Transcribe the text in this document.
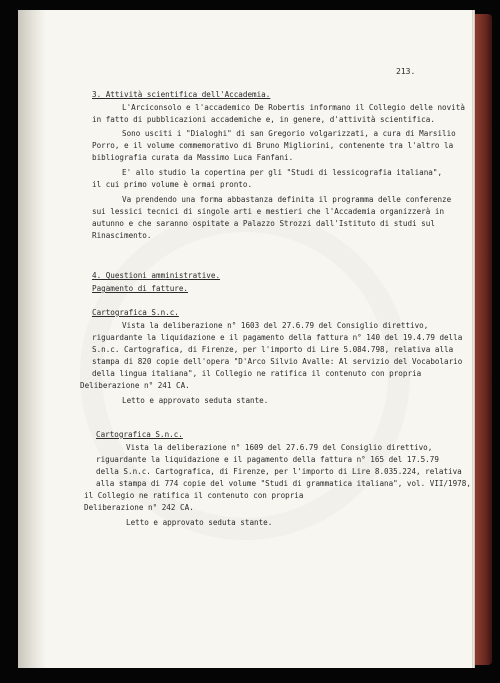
213.
3. Attività scientifica dell'Accademia.
L'Arciconsolo e l'accademico De Robertis informano il Collegio delle novità
in fatto di pubblicazioni accademiche e, in genere, d'attività scientifica.
Sono usciti i "Dialoghi" di san Gregorio volgarizzati, a cura di Marsilio
Porro, e il volume commemorativo di Bruno Migliorini, contenente tra l'altro la
bibliografia curata da Massimo Luca Fanfani.
E' allo studio la copertina per gli "Studi di lessicografia italiana",
il cui primo volume è ormai pronto.
Va prendendo una forma abbastanza definita il programma delle conferenze
sui lessici tecnici di singole arti e mestieri che l'Accademia organizzerà in
autunno e che saranno ospitate a Palazzo Strozzi dall'Istituto di studi sul
Rinascimento.
4. Questioni amministrative.
Pagamento di fatture.
Cartografica S.n.c.
Vista la deliberazione n° 1603 del 27.6.79 del Consiglio direttivo,
riguardante la liquidazione e il pagamento della fattura n° 140 del 19.4.79 della
S.n.c. Cartografica, di Firenze, per l'importo di Lire 5.084.798, relativa alla
stampa di 820 copie dell'opera "D'Arco Silvio Avalle: Al servizio del Vocabolario
della lingua italiana", il Collegio ne ratifica il contenuto con propria
Deliberazione n° 241 CA.
Letto e approvato seduta stante.
Cartografica S.n.c.
Vista la deliberazione n° 1609 del 27.6.79 del Consiglio direttivo,
riguardante la liquidazione e il pagamento della fattura n° 165 del 17.5.79
della S.n.c. Cartografica, di Firenze, per l'importo di Lire 8.035.224, relativa
alla stampa di 774 copie del volume "Studi di grammatica italiana", vol. VII/1978,
il Collegio ne ratifica il contenuto con propria
Deliberazione n° 242 CA.
Letto e approvato seduta stante.
